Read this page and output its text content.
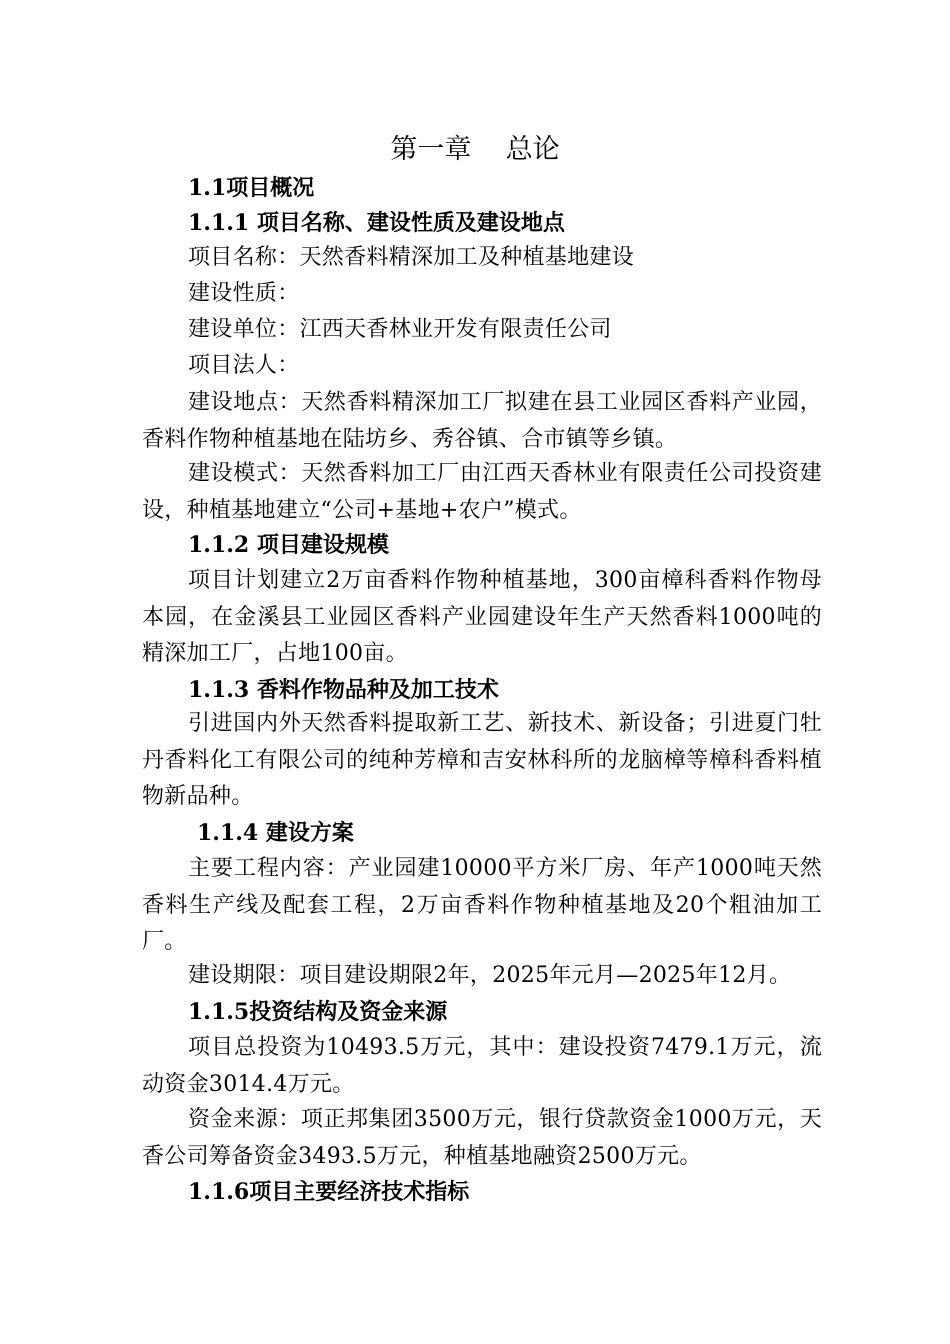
第一章    总论
1.1项目概况
1.1.1 项目名称、建设性质及建设地点
项目名称：天然香料精深加工及种植基地建设
建设性质：
建设单位：江西天香林业开发有限责任公司
项目法人：
建设地点：天然香料精深加工厂拟建在县工业园区香料产业园，香料作物种植基地在陆坊乡、秀谷镇、合市镇等乡镇。
建设模式：天然香料加工厂由江西天香林业有限责任公司投资建设，种植基地建立“公司+基地+农户”模式。
1.1.2 项目建设规模
项目计划建立2万亩香料作物种植基地，300亩樟科香料作物母本园，在金溪县工业园区香料产业园建设年生产天然香料1000吨的精深加工厂，占地100亩。
1.1.3 香料作物品种及加工技术
引进国内外天然香料提取新工艺、新技术、新设备；引进夏门牡丹香料化工有限公司的纯种芳樟和吉安林科所的龙脑樟等樟科香料植物新品种。
1.1.4 建设方案
主要工程内容：产业园建10000平方米厂房、年产1000吨天然香料生产线及配套工程，2万亩香料作物种植基地及20个粗油加工厂。
建设期限：项目建设期限2年，2025年元月—2025年12月。
1.1.5投资结构及资金来源
项目总投资为10493.5万元，其中：建设投资7479.1万元，流动资金3014.4万元。
资金来源：项正邦集团3500万元，银行贷款资金1000万元，天香公司筹备资金3493.5万元，种植基地融资2500万元。
1.1.6项目主要经济技术指标
